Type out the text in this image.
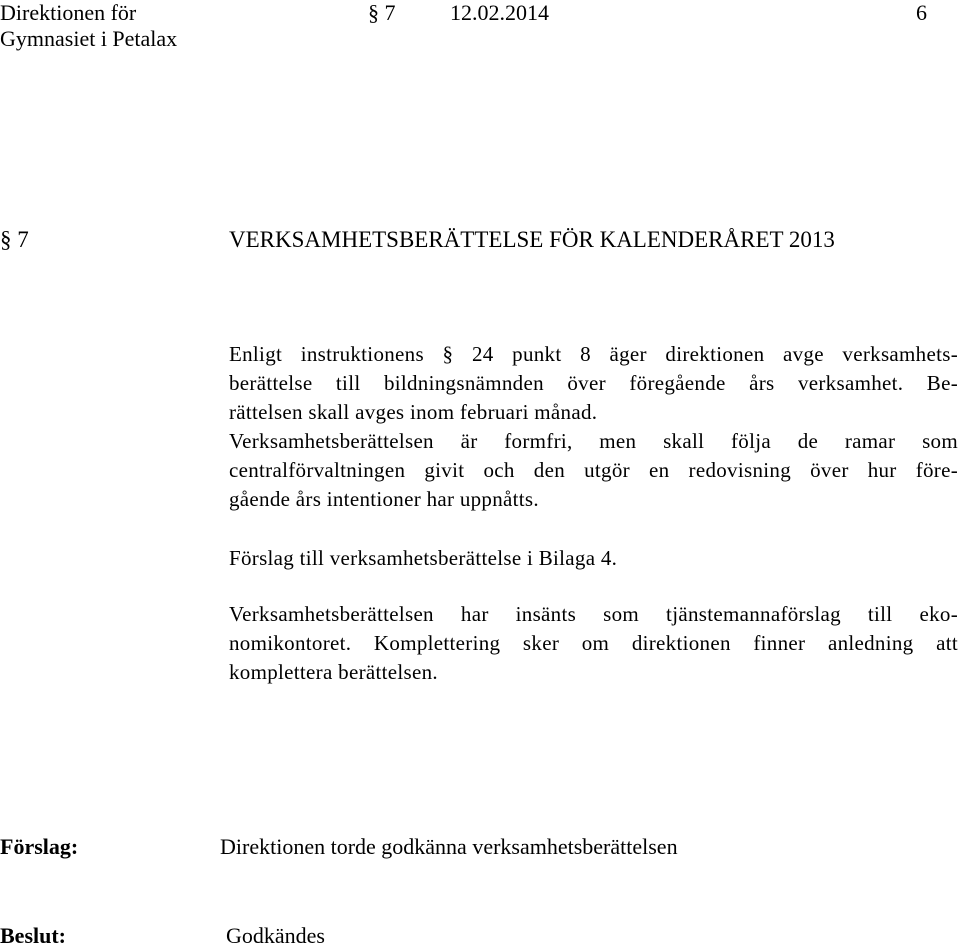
Direktionen för
Gymnasiet i Petalax
§ 7 12.02.2014	6
§ 7	VERKSAMHETSBERÄTTELSE FÖR KALENDERÅRET 2013
Enligt instruktionens § 24 punkt 8 äger direktionen avge verksamhets-
berättelse till bildningsnämnden över föregående års verksamhet. Be-
rättelsen skall avges inom februari månad.
Verksamhetsberättelsen är formfri, men skall följa de ramar som
centralförvaltningen givit och den utgör en redovisning över hur före-
gående års intentioner har uppnåtts.
Förslag till verksamhetsberättelse i Bilaga 4.
Verksamhetsberättelsen har insänts som tjänstemannaförslag till eko-
nomikontoret. Komplettering sker om direktionen finner anledning att
komplettera berättelsen.
Förslag:	Direktionen torde godkänna verksamhetsberättelsen
Beslut:	Godkändes
